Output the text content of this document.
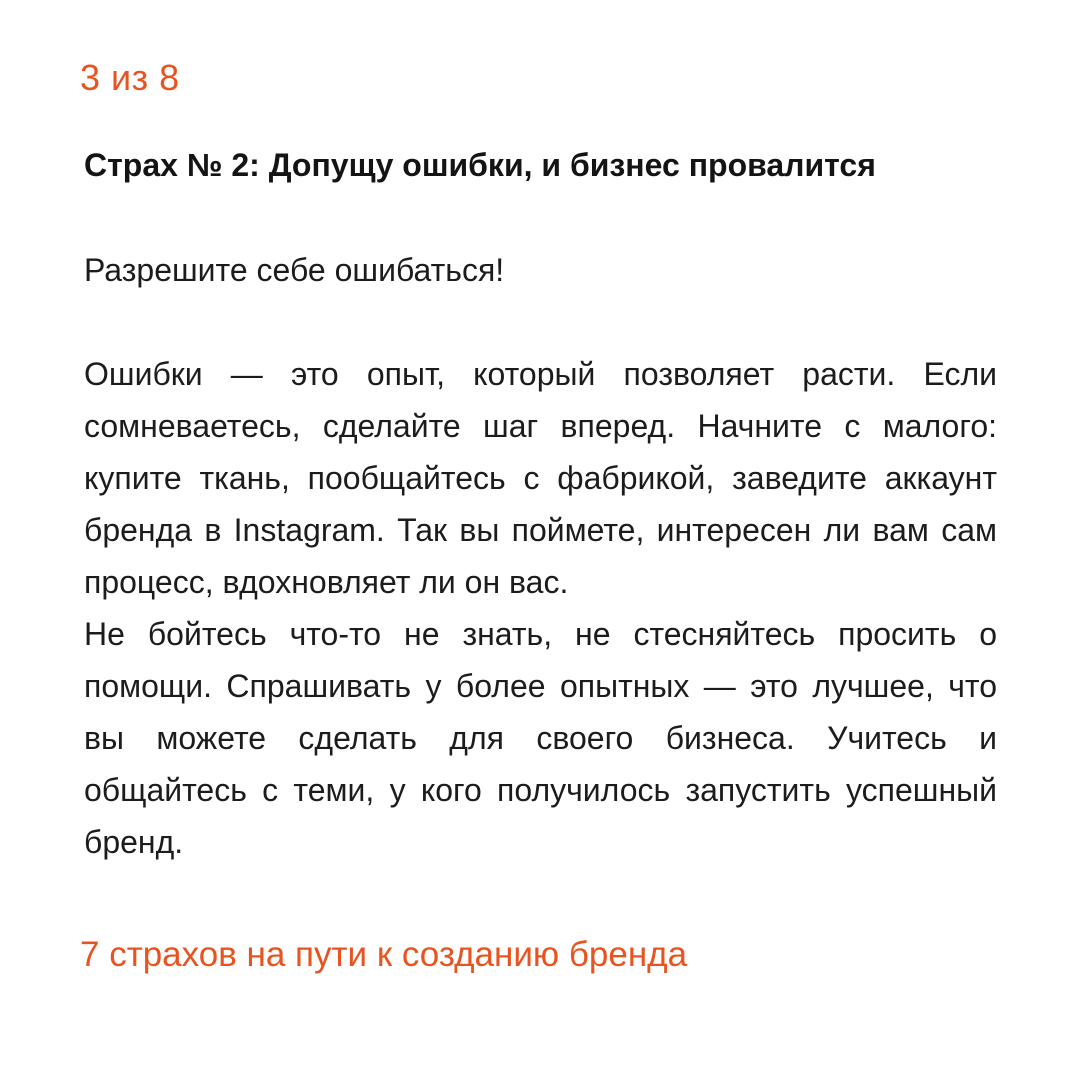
3 из 8
Страх № 2: Допущу ошибки, и бизнес провалится
Разрешите себе ошибаться!

Ошибки — это опыт, который позволяет расти. Если сомневаетесь, сделайте шаг вперед. Начните с малого: купите ткань, пообщайтесь с фабрикой, заведите аккаунт бренда в Instagram. Так вы поймете, интересен ли вам сам процесс, вдохновляет ли он вас.

Не бойтесь что-то не знать, не стесняйтесь просить о помощи. Спрашивать у более опытных — это лучшее, что вы можете сделать для своего бизнеса. Учитесь и общайтесь с теми, у кого получилось запустить успешный бренд.

7 страхов на пути к созданию бренда
